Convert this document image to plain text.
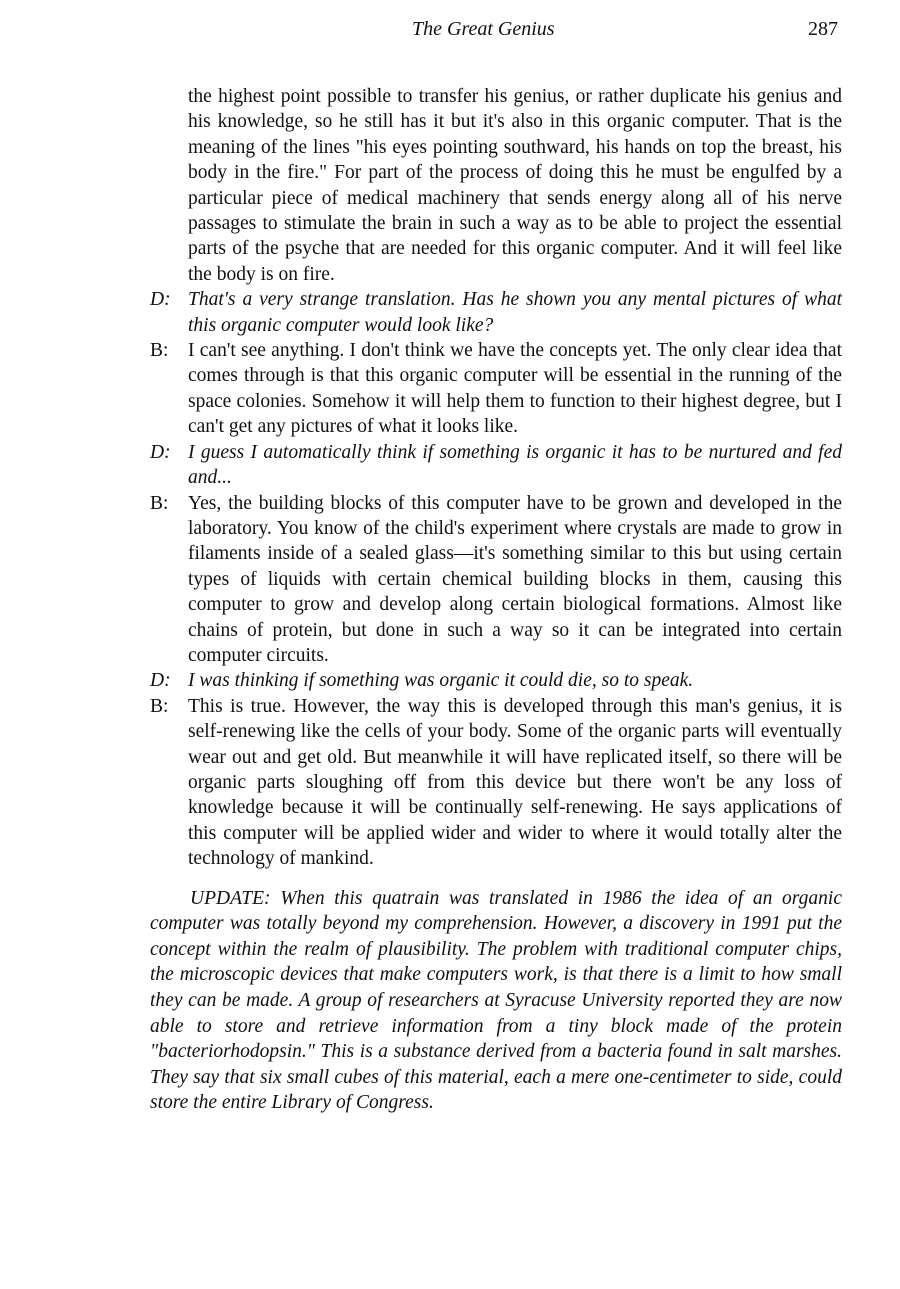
The Great Genius	287
the highest point possible to transfer his genius, or rather duplicate his genius and his knowledge, so he still has it but it's also in this organic computer. That is the meaning of the lines "his eyes pointing southward, his hands on top the breast, his body in the fire." For part of the process of doing this he must be engulfed by a particular piece of medical machinery that sends energy along all of his nerve passages to stimulate the brain in such a way as to be able to project the essential parts of the psyche that are needed for this organic computer. And it will feel like the body is on fire.
D: That's a very strange translation. Has he shown you any mental pictures of what this organic computer would look like?
B:	I can't see anything. I don't think we have the concepts yet. The only clear idea that comes through is that this organic computer will be essential in the running of the space colonies. Somehow it will help them to function to their highest degree, but I can't get any pictures of what it looks like.
D: I guess I automatically think if something is organic it has to be nurtured and fed and...
B:	Yes, the building blocks of this computer have to be grown and developed in the laboratory. You know of the child's experiment where crystals are made to grow in filaments inside of a sealed glass—it's something similar to this but using certain types of liquids with certain chemical building blocks in them, causing this computer to grow and develop along certain biological formations. Almost like chains of protein, but done in such a way so it can be integrated into certain computer circuits.
D: I was thinking if something was organic it could die, so to speak.
B:	This is true. However, the way this is developed through this man's genius, it is self-renewing like the cells of your body. Some of the organic parts will eventually wear out and get old. But meanwhile it will have replicated itself, so there will be organic parts sloughing off from this device but there won't be any loss of knowledge because it will be continually self-renewing. He says applications of this computer will be applied wider and wider to where it would totally alter the technology of mankind.

UPDATE: When this quatrain was translated in 1986 the idea of an organic computer was totally beyond my comprehension. However, a discovery in 1991 put the concept within the realm of plausibility. The problem with traditional computer chips, the microscopic devices that make computers work, is that there is a limit to how small they can be made. A group of researchers at Syracuse University reported they are now able to store and retrieve information from a tiny block made of the protein "bacteriorhodopsin." This is a substance derived from a bacteria found in salt marshes. They say that six small cubes of this material, each a mere one-centimeter to side, could store the entire Library of Congress.
